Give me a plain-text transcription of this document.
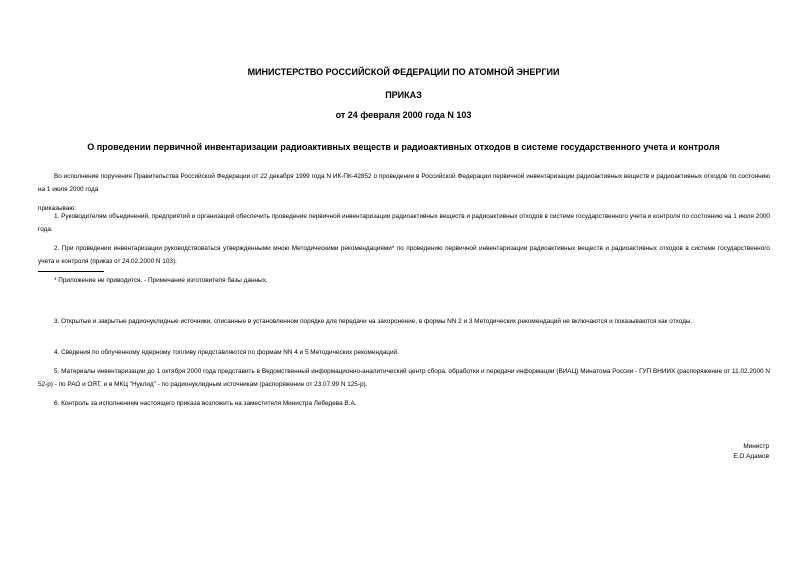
МИНИСТЕРСТВО РОССИЙСКОЙ ФЕДЕРАЦИИ ПО АТОМНОЙ ЭНЕРГИИ
ПРИКАЗ
от 24 февраля 2000 года N 103
О проведении первичной инвентаризации радиоактивных веществ и радиоактивных отходов в системе государственного учета и контроля
Во исполнение поручения Правительства Российской Федерации от 22 декабря 1999 года N ИК-ПК-42852 о проведении в Российской Федерации первичной инвентаризации радиоактивных веществ и радиоактивных отходов по состоянию на 1 июля 2000 года
приказываю:
1. Руководителям объединений, предприятий и организаций обеспечить проведение первичной инвентаризации радиоактивных веществ и радиоактивных отходов в системе государственного учета и контроля по состоянию на 1 июля 2000 года.
2. При проведении инвентаризации руководствоваться утвержденными мною Методическими рекомендациями* по проведению первичной инвентаризации радиоактивных веществ и радиоактивных отходов в системе государственного учета и контроля (приказ от 24.02.2000 N 103).
* Приложение не приводится. - Примечание изготовителя базы данных.
3. Открытые и закрытые радионуклидные источники, списанные в установленном порядке для передачи на захоронение, в формы NN 2 и 3 Методических рекомендаций не включаются и показываются как отходы.
4. Сведения по облученному ядерному топливу представляются по формам NN 4 и 5 Методических рекомендаций.
5. Материалы инвентаризации до 1 октября 2000 года представить в Ведомственный информационно-аналитический центр сбора, обработки и передачи информации (ВИАЦ) Минатома России - ГУП ВНИИХ (распоряжение от 11.02.2000 N 52-р) - по РАО и ОЯТ, и в МКЦ "Нуклид" - по радионуклидным источникам (распоряжение от 23.07.99 N 125-р).
6. Контроль за исполнением настоящего приказа возложить на заместителя Министра Лебедева В.А.
Министр
Е.О.Адамов
